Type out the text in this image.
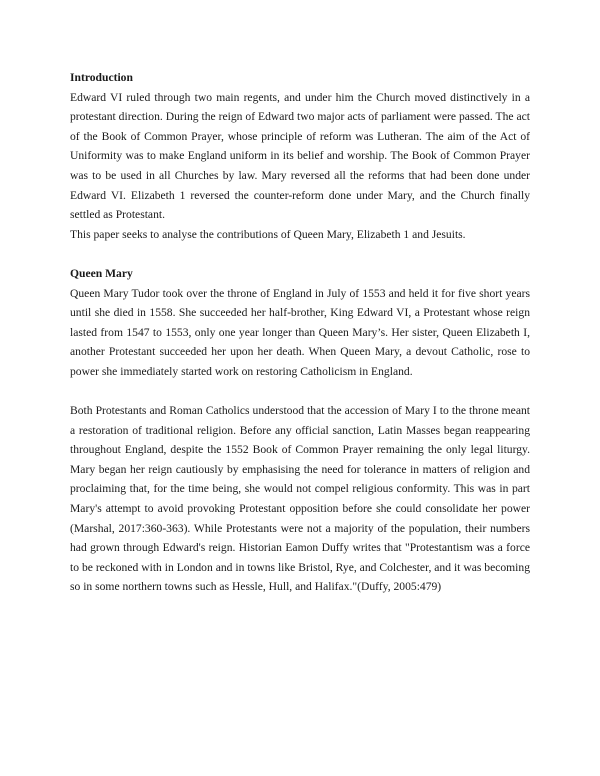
Introduction

Edward VI ruled through two main regents, and under him the Church moved distinctively in a protestant direction. During the reign of Edward two major acts of parliament were passed. The act of the Book of Common Prayer, whose principle of reform was Lutheran. The aim of the Act of Uniformity was to make England uniform in its belief and worship. The Book of Common Prayer was to be used in all Churches by law. Mary reversed all the reforms that had been done under Edward VI. Elizabeth 1 reversed the counter-reform done under Mary, and the Church finally settled as Protestant.

This paper seeks to analyse the contributions of Queen Mary, Elizabeth 1 and Jesuits.

Queen Mary

Queen Mary Tudor took over the throne of England in July of 1553 and held it for five short years until she died in 1558. She succeeded her half-brother, King Edward VI, a Protestant whose reign lasted from 1547 to 1553, only one year longer than Queen Mary’s. Her sister, Queen Elizabeth I, another Protestant succeeded her upon her death. When Queen Mary, a devout Catholic, rose to power she immediately started work on restoring Catholicism in England.

Both Protestants and Roman Catholics understood that the accession of Mary I to the throne meant a restoration of traditional religion. Before any official sanction, Latin Masses began reappearing throughout England, despite the 1552 Book of Common Prayer remaining the only legal liturgy. Mary began her reign cautiously by emphasising the need for tolerance in matters of religion and proclaiming that, for the time being, she would not compel religious conformity. This was in part Mary's attempt to avoid provoking Protestant opposition before she could consolidate her power (Marshal, 2017:360-363). While Protestants were not a majority of the population, their numbers had grown through Edward's reign. Historian Eamon Duffy writes that "Protestantism was a force to be reckoned with in London and in towns like Bristol, Rye, and Colchester, and it was becoming so in some northern towns such as Hessle, Hull, and Halifax."(Duffy, 2005:479)
